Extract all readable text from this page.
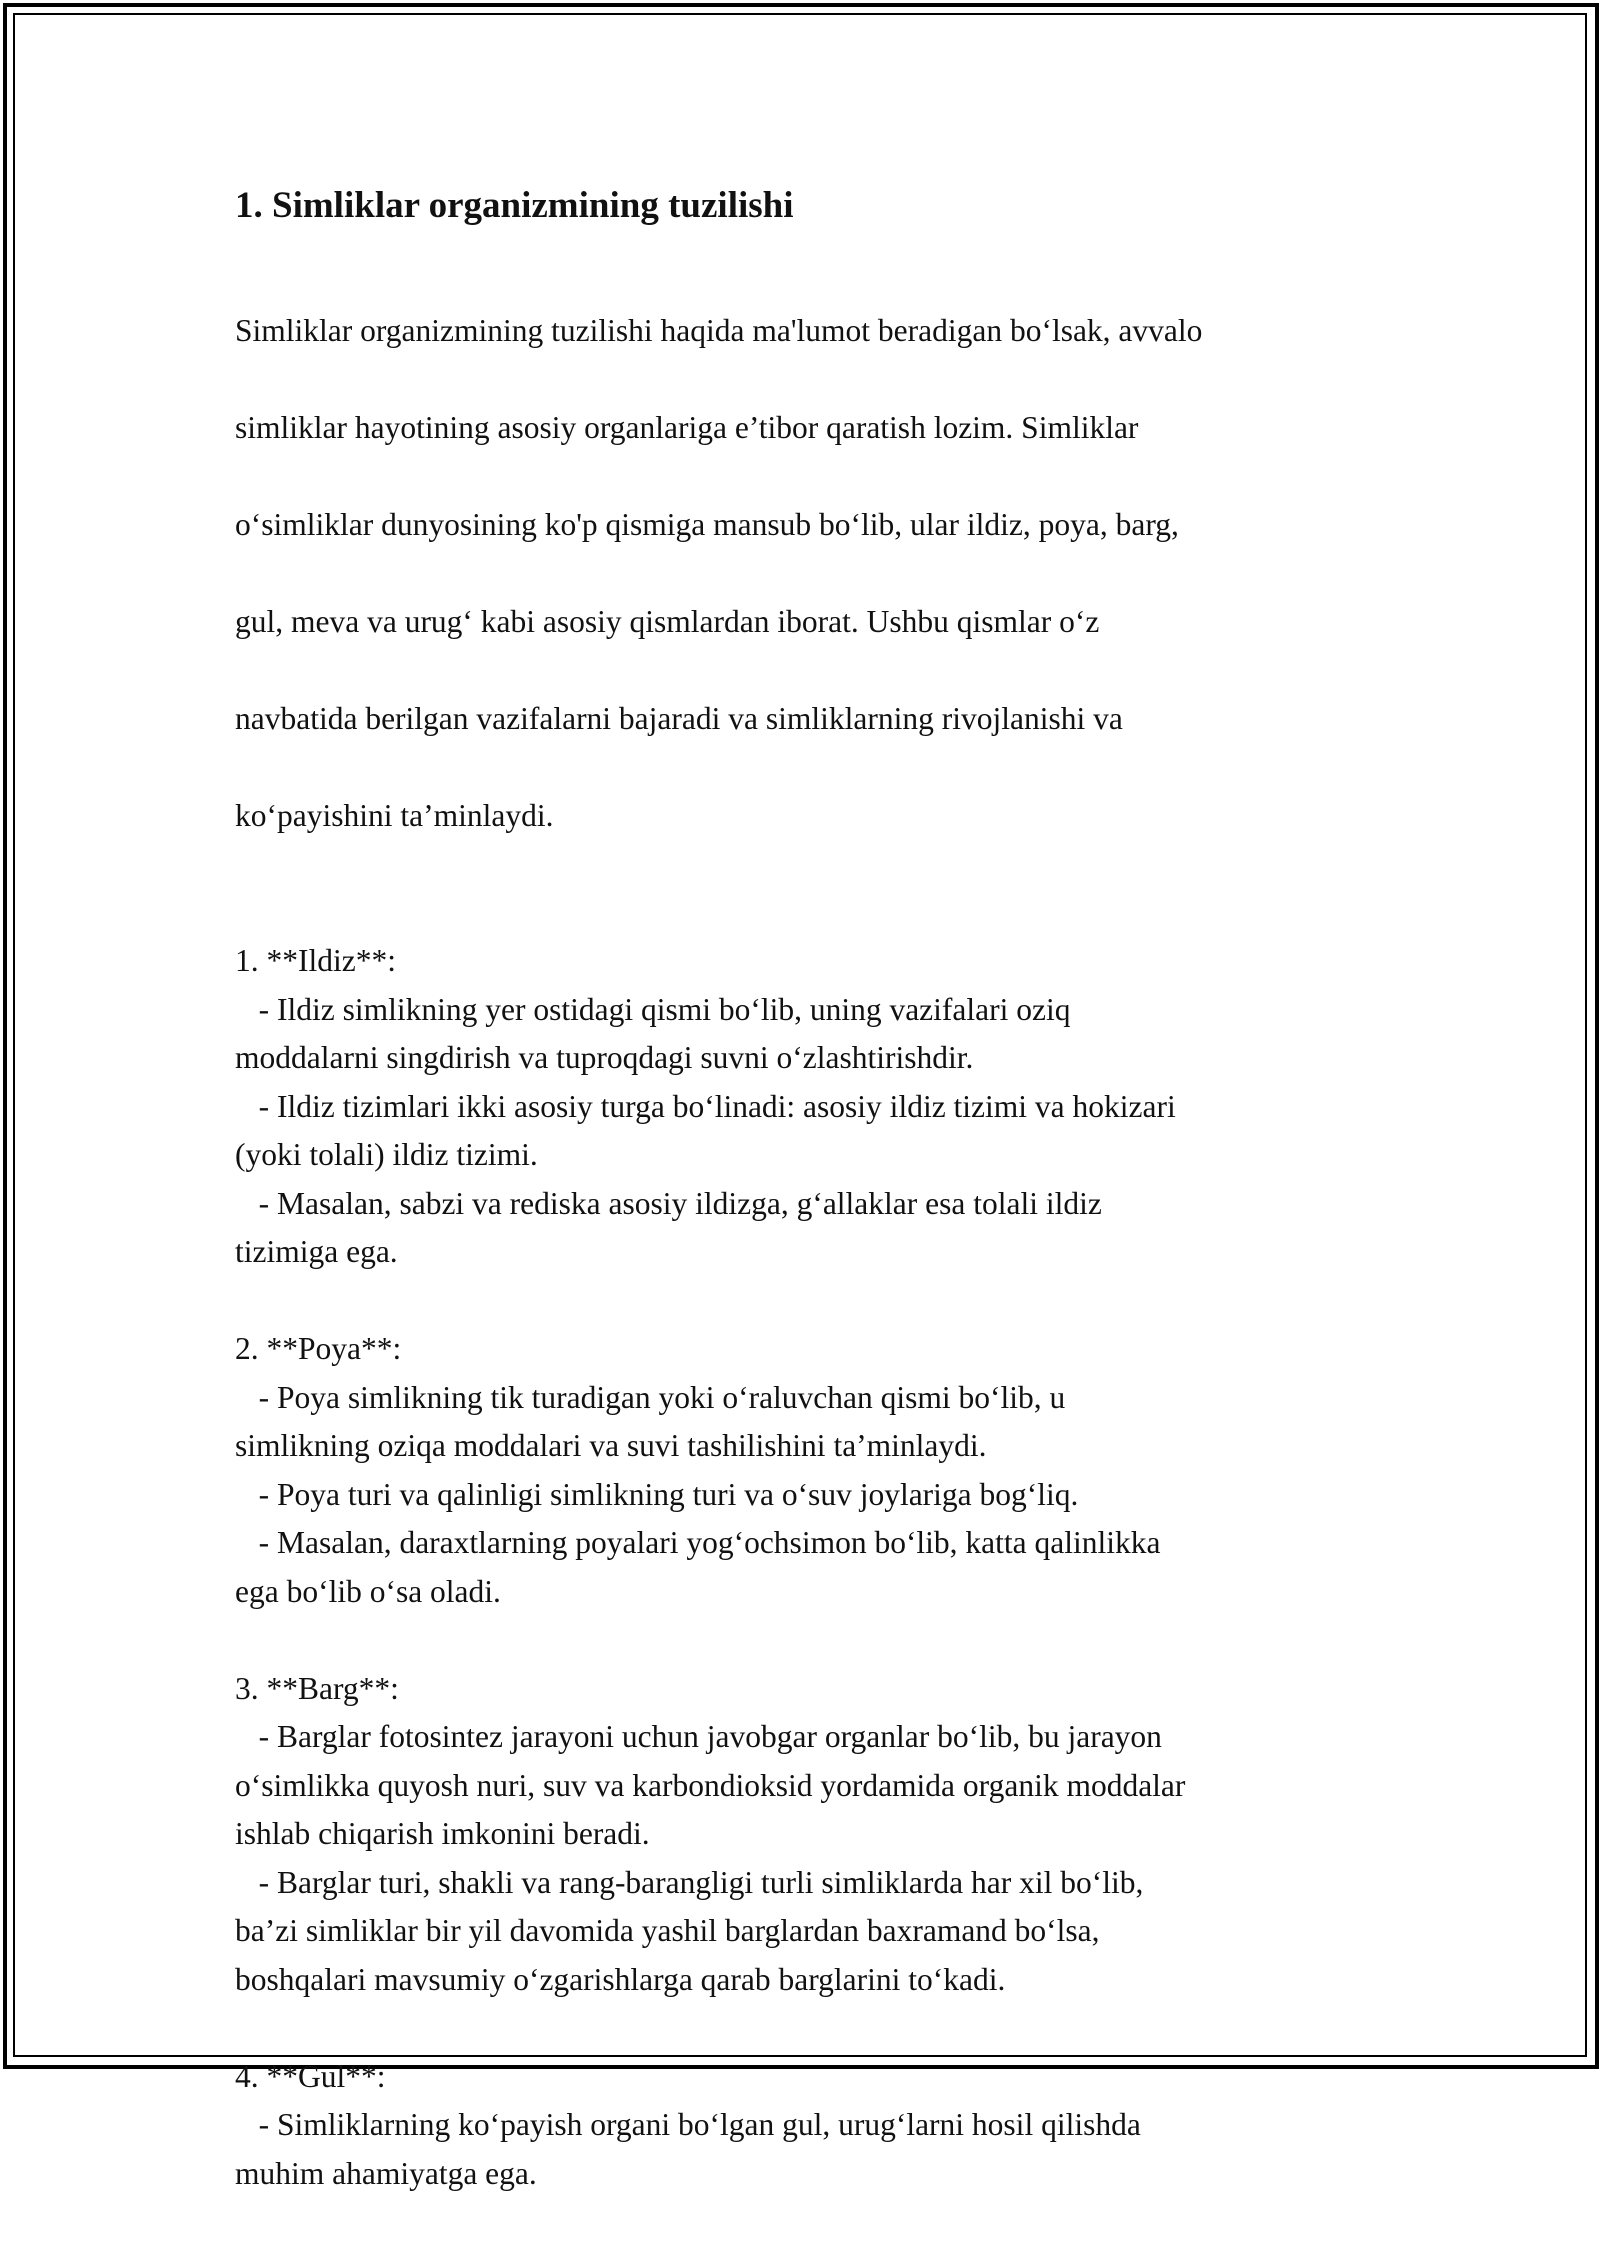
1. Simliklar organizmining tuzilishi

Simliklar organizmining tuzilishi haqida ma'lumot beradigan bo‘lsak, avvalo

simliklar hayotining asosiy organlariga e’tibor qaratish lozim. Simliklar

o‘simliklar dunyosining ko'p qismiga mansub bo‘lib, ular ildiz, poya, barg,

gul, meva va urug‘ kabi asosiy qismlardan iborat. Ushbu qismlar o‘z

navbatida berilgan vazifalarni bajaradi va simliklarning rivojlanishi va

ko‘payishini ta’minlaydi.

1. **Ildiz**:
- Ildiz simlikning yer ostidagi qismi bo‘lib, uning vazifalari oziq
moddalarni singdirish va tuproqdagi suvni o‘zlashtirishdir.
- Ildiz tizimlari ikki asosiy turga bo‘linadi: asosiy ildiz tizimi va hokizari
(yoki tolali) ildiz tizimi.
- Masalan, sabzi va rediska asosiy ildizga, g‘allaklar esa tolali ildiz
tizimiga ega.
2. **Poya**:
- Poya simlikning tik turadigan yoki o‘raluvchan qismi bo‘lib, u
simlikning oziqa moddalari va suvi tashilishini ta’minlaydi.
- Poya turi va qalinligi simlikning turi va o‘suv joylariga bog‘liq.
- Masalan, daraxtlarning poyalari yog‘ochsimon bo‘lib, katta qalinlikka
ega bo‘lib o‘sa oladi.
3. **Barg**:
- Barglar fotosintez jarayoni uchun javobgar organlar bo‘lib, bu jarayon
o‘simlikka quyosh nuri, suv va karbondioksid yordamida organik moddalar
ishlab chiqarish imkonini beradi.
- Barglar turi, shakli va rang-barangligi turli simliklarda har xil bo‘lib,
ba’zi simliklar bir yil davomida yashil barglardan baxramand bo‘lsa,
boshqalari mavsumiy o‘zgarishlarga qarab barglarini to‘kadi.
4. **Gul**:
- Simliklarning ko‘payish organi bo‘lgan gul, urug‘larni hosil qilishda
muhim ahamiyatga ega.
